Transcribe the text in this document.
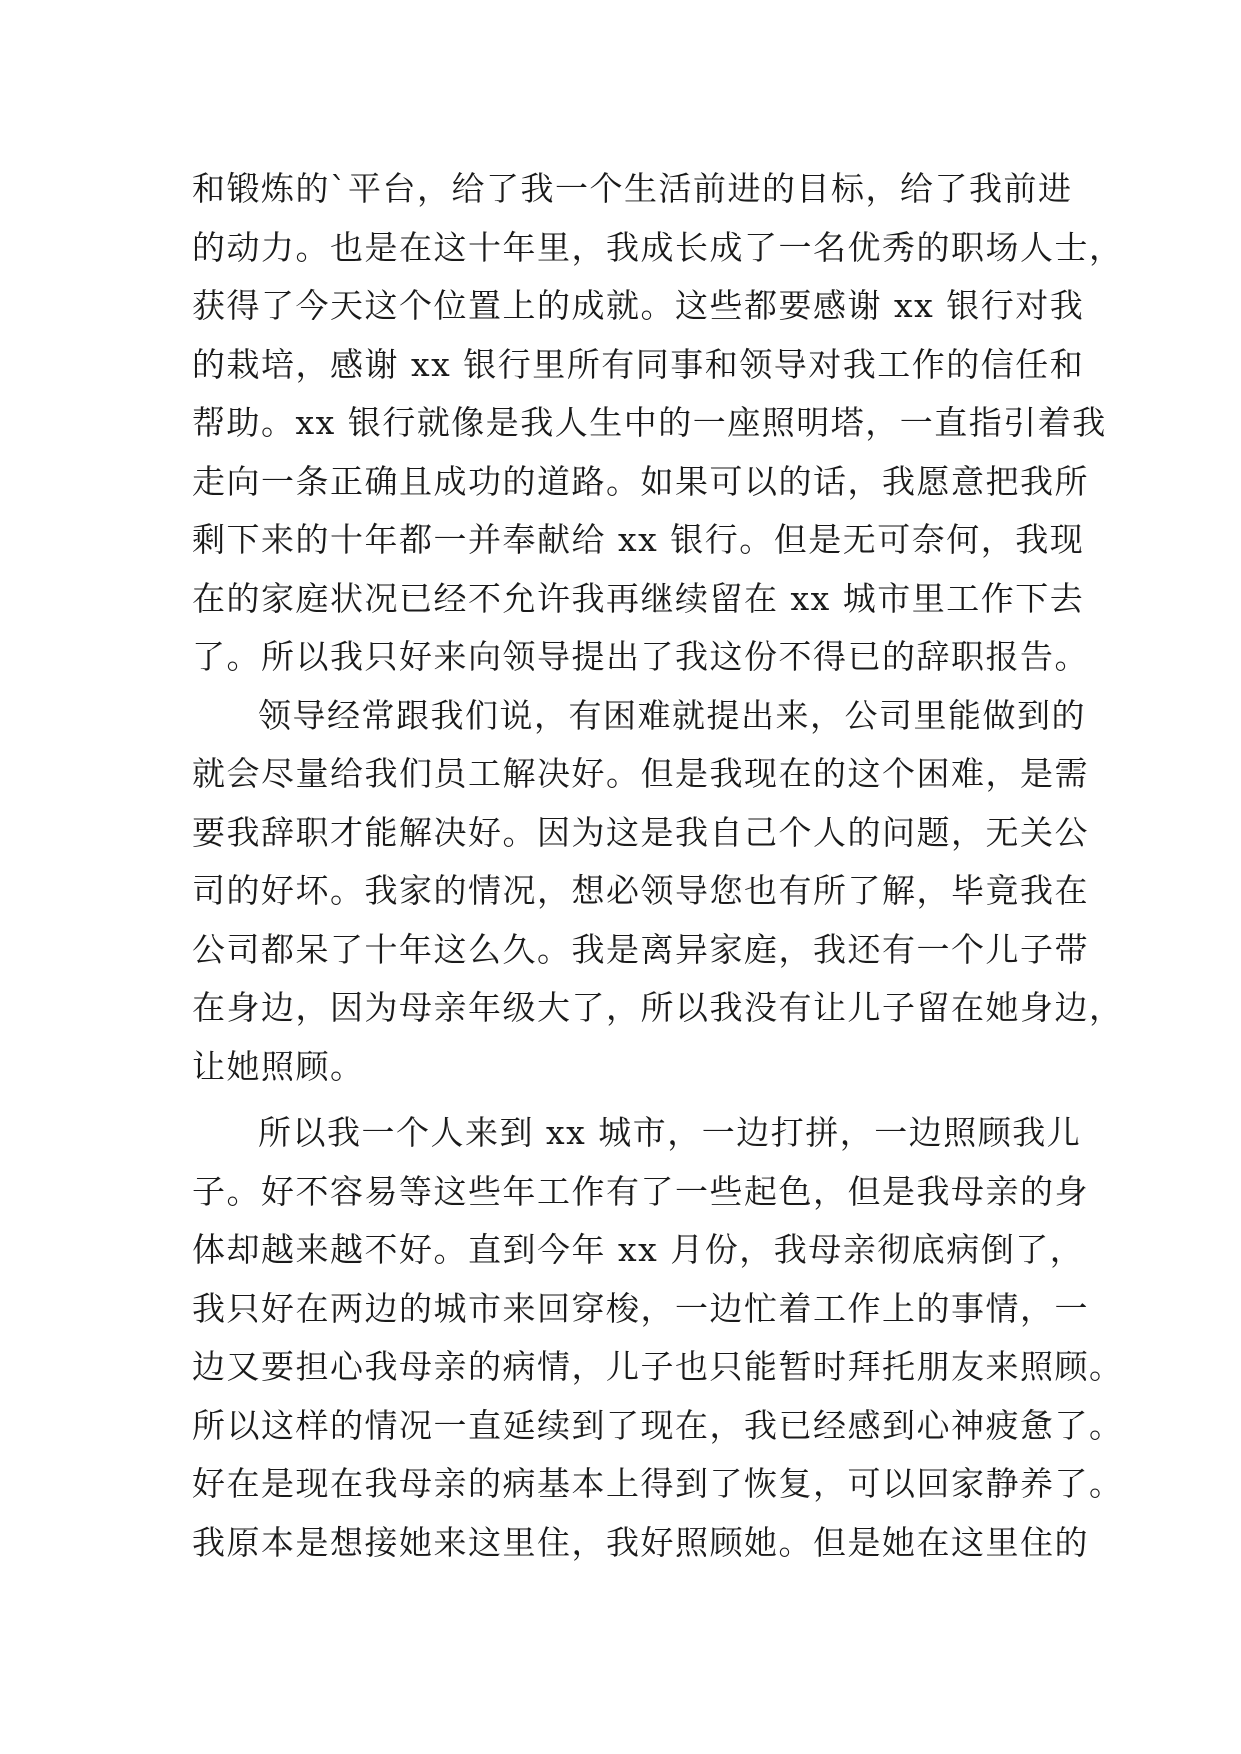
和锻炼的`平台，给了我一个生活前进的目标，给了我前进
的动力。也是在这十年里，我成长成了一名优秀的职场人士，
获得了今天这个位置上的成就。这些都要感谢 xx 银行对我
的栽培，感谢 xx 银行里所有同事和领导对我工作的信任和
帮助。xx 银行就像是我人生中的一座照明塔，一直指引着我
走向一条正确且成功的道路。如果可以的话，我愿意把我所
剩下来的十年都一并奉献给 xx 银行。但是无可奈何，我现
在的家庭状况已经不允许我再继续留在 xx 城市里工作下去
了。所以我只好来向领导提出了我这份不得已的辞职报告。
领导经常跟我们说，有困难就提出来，公司里能做到的
就会尽量给我们员工解决好。但是我现在的这个困难，是需
要我辞职才能解决好。因为这是我自己个人的问题，无关公
司的好坏。我家的情况，想必领导您也有所了解，毕竟我在
公司都呆了十年这么久。我是离异家庭，我还有一个儿子带
在身边，因为母亲年级大了，所以我没有让儿子留在她身边，
让她照顾。
所以我一个人来到 xx 城市，一边打拼，一边照顾我儿
子。好不容易等这些年工作有了一些起色，但是我母亲的身
体却越来越不好。直到今年 xx 月份，我母亲彻底病倒了，
我只好在两边的城市来回穿梭，一边忙着工作上的事情，一
边又要担心我母亲的病情，儿子也只能暂时拜托朋友来照顾。
所以这样的情况一直延续到了现在，我已经感到心神疲惫了。
好在是现在我母亲的病基本上得到了恢复，可以回家静养了。
我原本是想接她来这里住，我好照顾她。但是她在这里住的
